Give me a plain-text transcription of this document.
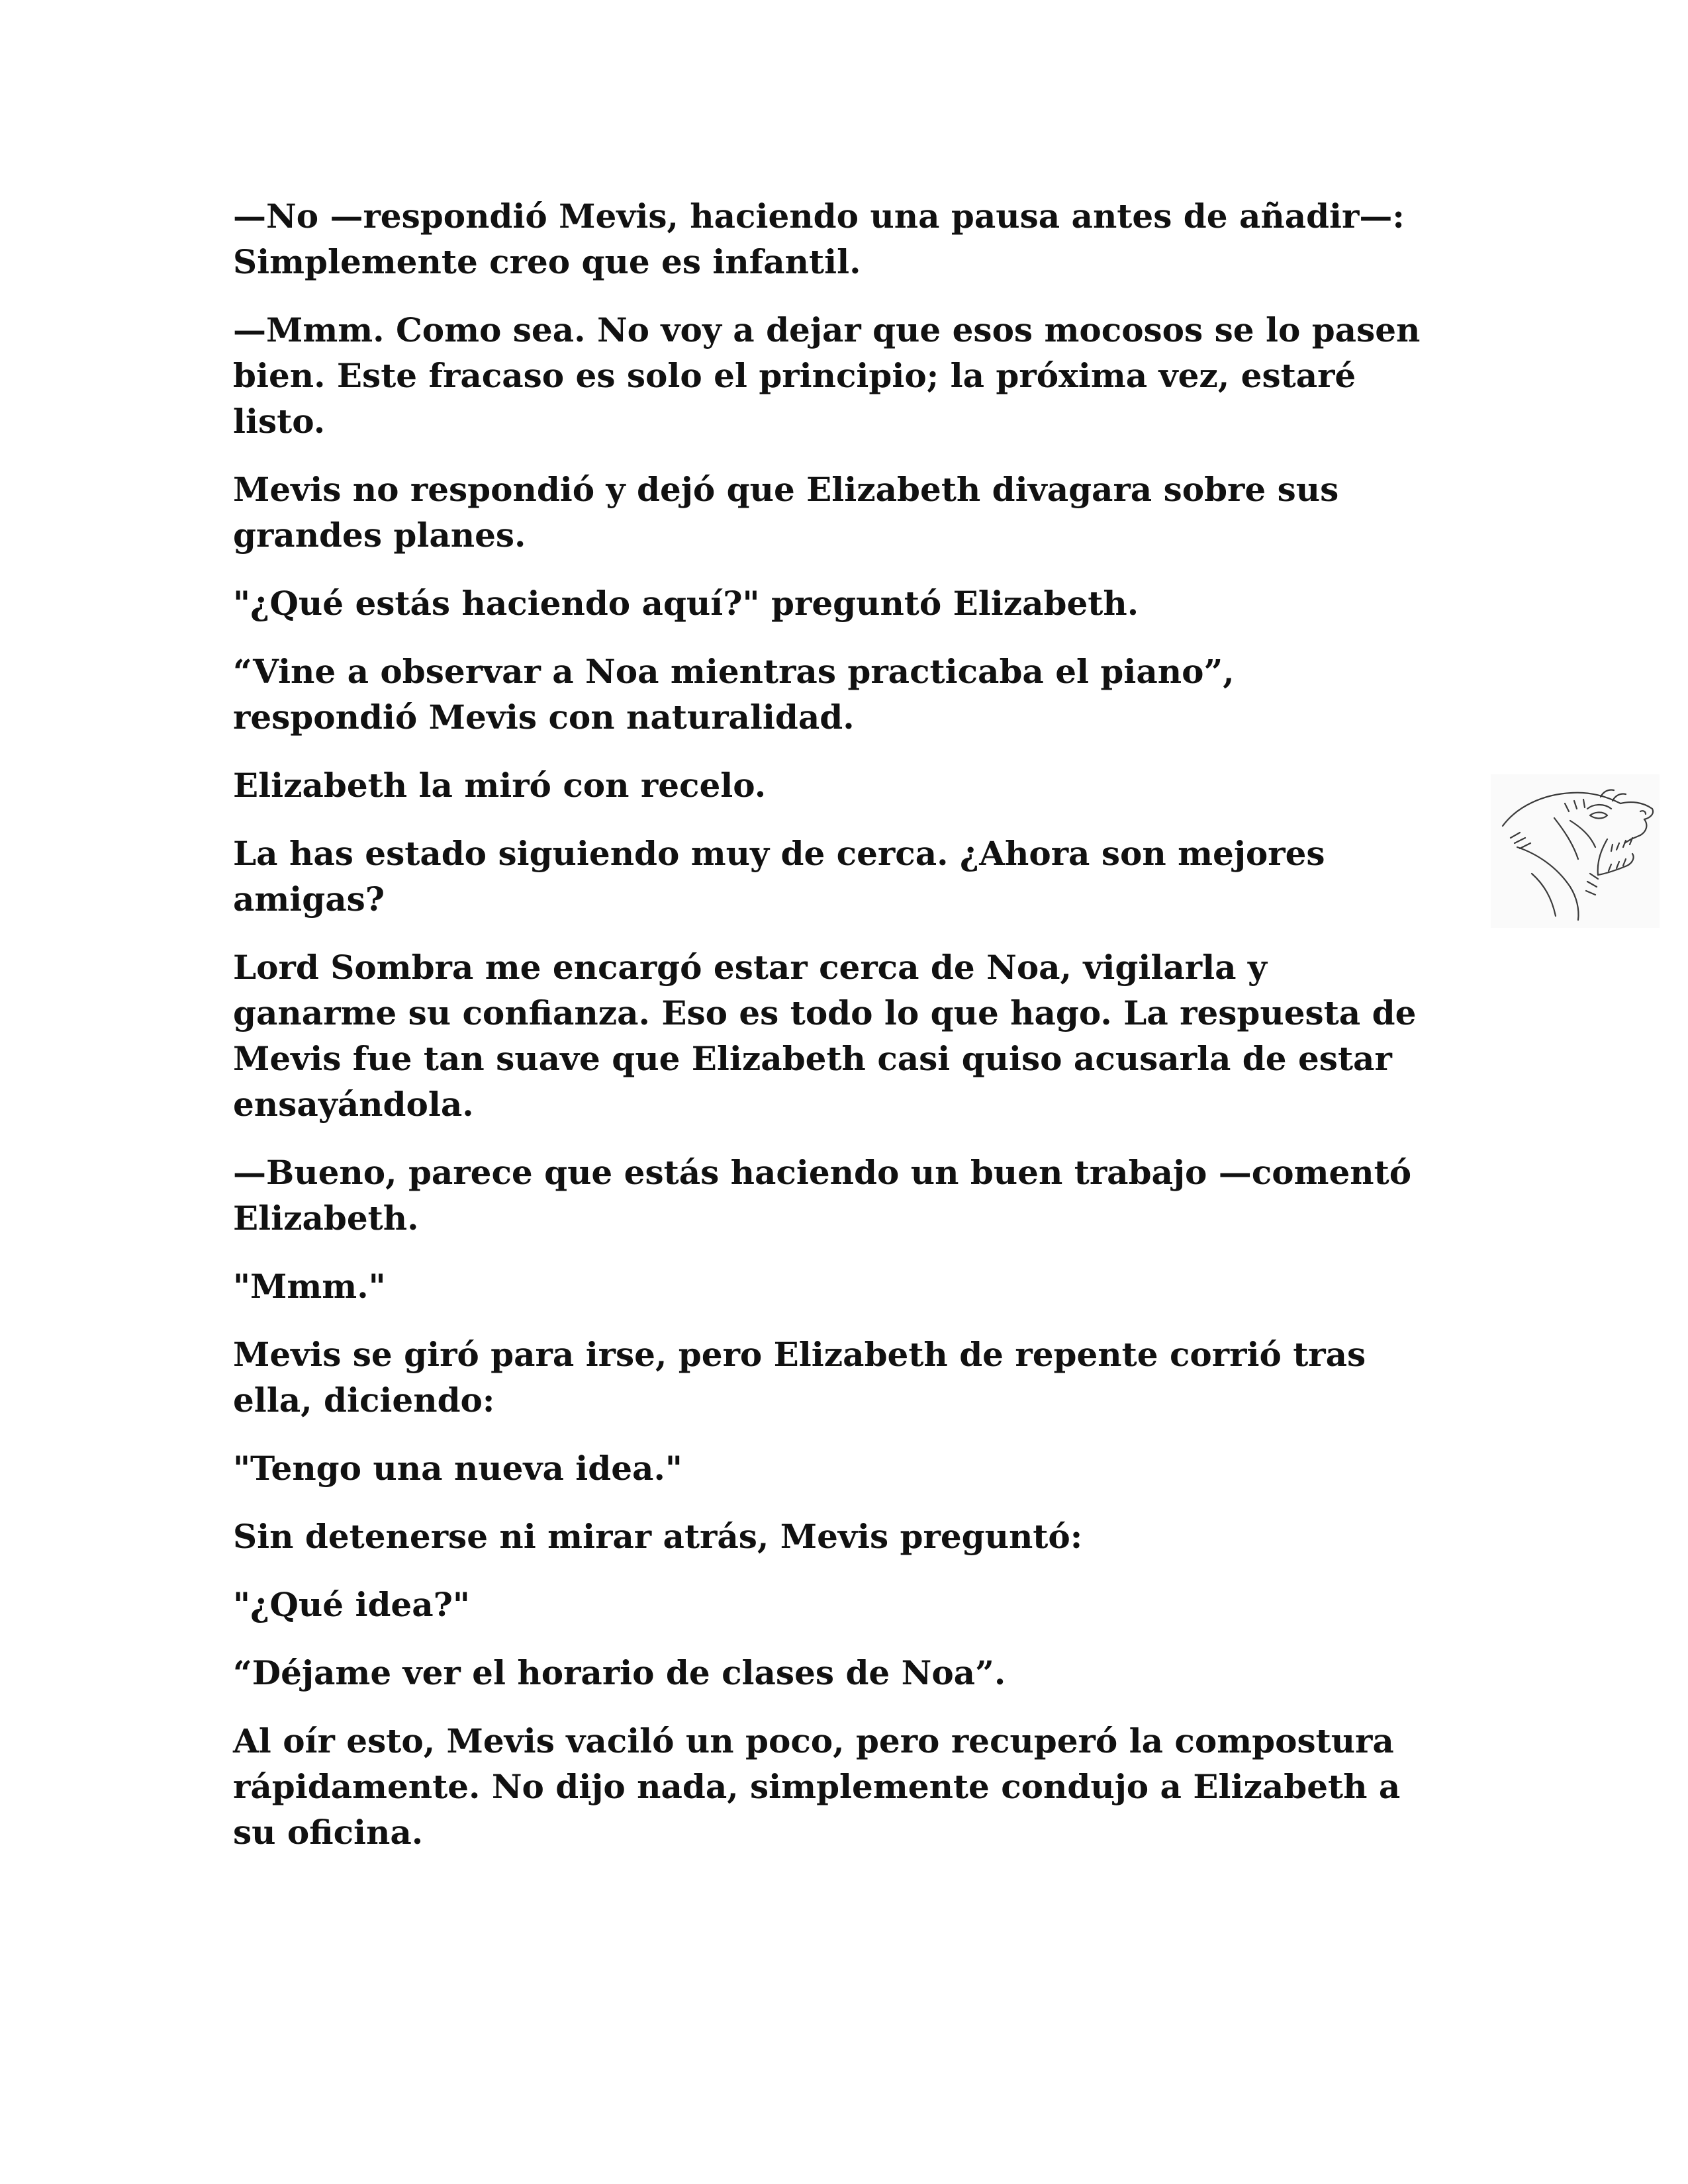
—No —respondió Mevis, haciendo una pausa antes de añadir—:
Simplemente creo que es infantil.

—Mmm. Como sea. No voy a dejar que esos mocosos se lo pasen
bien. Este fracaso es solo el principio; la próxima vez, estaré
listo.

Mevis no respondió y dejó que Elizabeth divagara sobre sus
grandes planes.

"¿Qué estás haciendo aquí?" preguntó Elizabeth.

“Vine a observar a Noa mientras practicaba el piano”,
respondió Mevis con naturalidad.

Elizabeth la miró con recelo.

La has estado siguiendo muy de cerca. ¿Ahora son mejores
amigas?

Lord Sombra me encargó estar cerca de Noa, vigilarla y
ganarme su confianza. Eso es todo lo que hago. La respuesta de
Mevis fue tan suave que Elizabeth casi quiso acusarla de estar
ensayándola.

—Bueno, parece que estás haciendo un buen trabajo —comentó
Elizabeth.

"Mmm."

Mevis se giró para irse, pero Elizabeth de repente corrió tras
ella, diciendo:

"Tengo una nueva idea."

Sin detenerse ni mirar atrás, Mevis preguntó:

"¿Qué idea?"

“Déjame ver el horario de clases de Noa”.

Al oír esto, Mevis vaciló un poco, pero recuperó la compostura
rápidamente. No dijo nada, simplemente condujo a Elizabeth a
su oficina.
